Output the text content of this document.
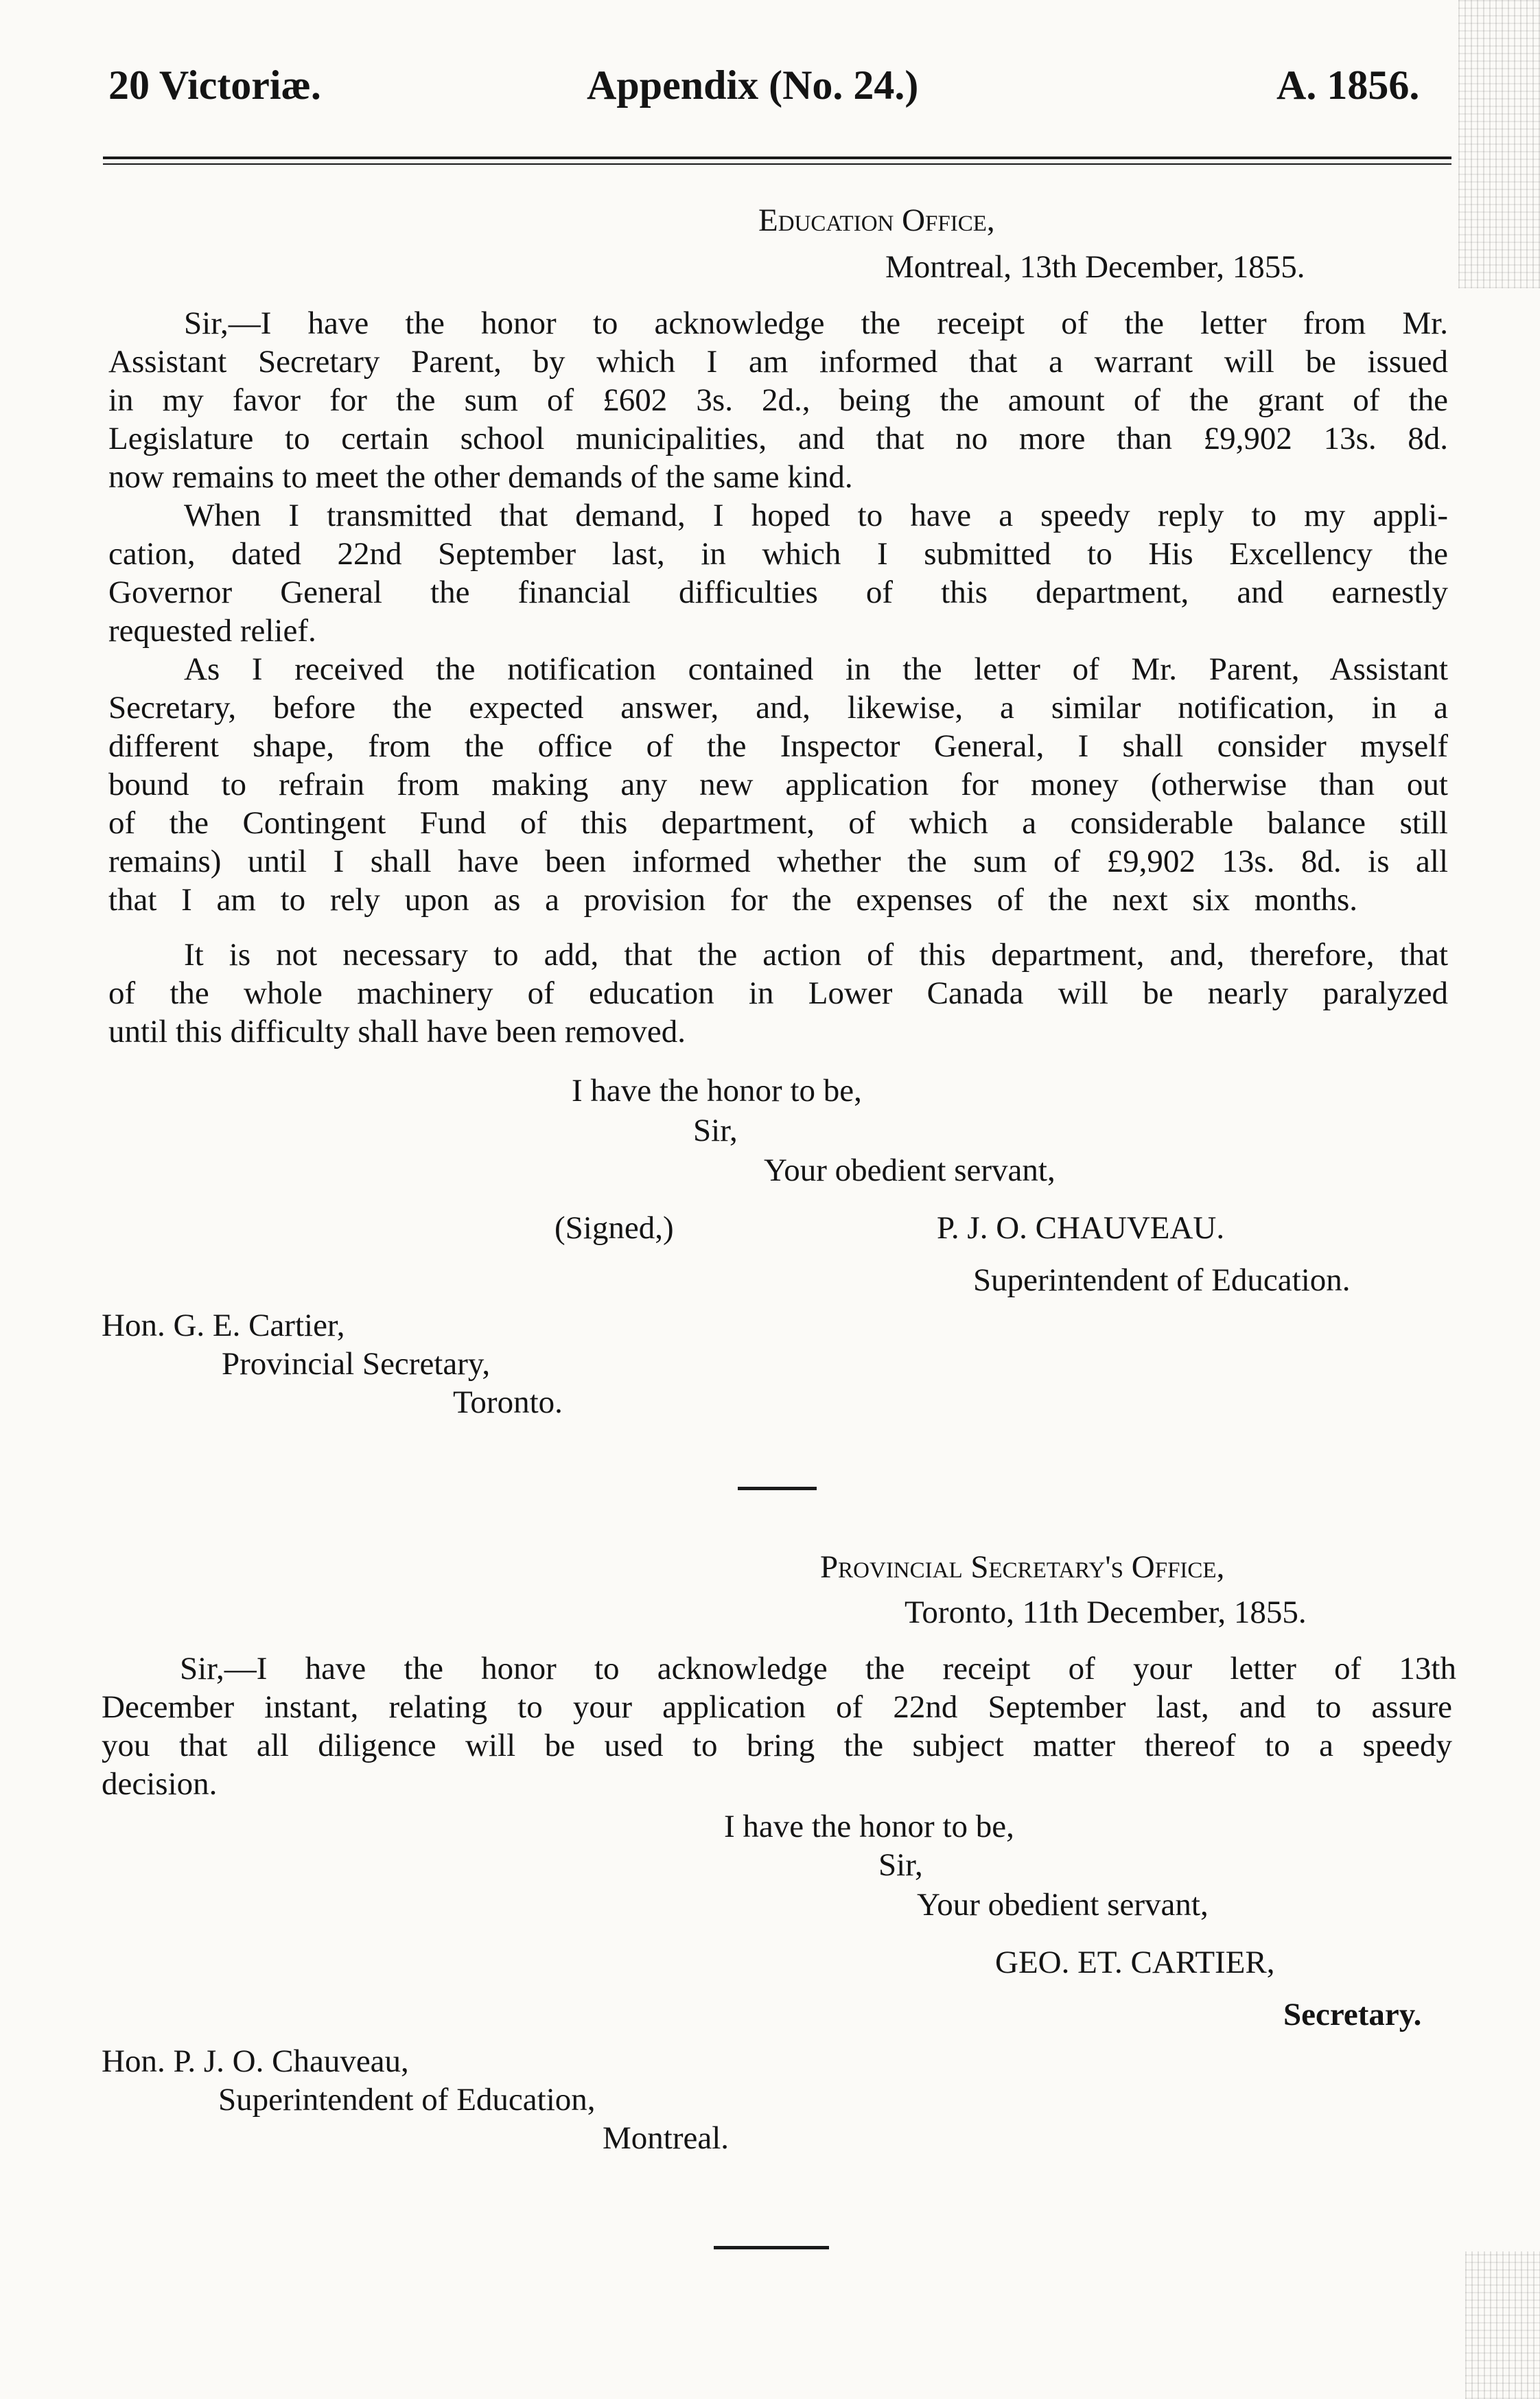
20 Victoriæ.	Appendix (No. 24.)	A. 1856.
Education Office,
Montreal, 13th December, 1855.
Sir,—I have the honor to acknowledge the receipt of the letter from Mr.
Assistant Secretary Parent, by which I am informed that a warrant will be issued
in my favor for the sum of £602 3s. 2d., being the amount of the grant of the
Legislature to certain school municipalities, and that no more than £9,902 13s. 8d.
now remains to meet the other demands of the same kind.
When I transmitted that demand, I hoped to have a speedy reply to my appli-
cation, dated 22nd September last, in which I submitted to His Excellency the
Governor General the financial difficulties of this department, and earnestly
requested relief.
As I received the notification contained in the letter of Mr. Parent, Assistant
Secretary, before the expected answer, and, likewise, a similar notification, in a
different shape, from the office of the Inspector General, I shall consider myself
bound to refrain from making any new application for money (otherwise than out
of the Contingent Fund of this department, of which a considerable balance still
remains) until I shall have been informed whether the sum of £9,902 13s. 8d. is all
that I am to rely upon as a provision for the expenses of the next six months.
It is not necessary to add, that the action of this department, and, therefore, that
of the whole machinery of education in Lower Canada will be nearly paralyzed
until this difficulty shall have been removed.
I have the honor to be,
Sir,
Your obedient servant,
(Signed,)	P. J. O. CHAUVEAU.
Superintendent of Education.
Hon. G. E. Cartier,
Provincial Secretary,
Toronto.
Provincial Secretary's Office,
Toronto, 11th December, 1855.
Sir,—I have the honor to acknowledge the receipt of your letter of 13th
December instant, relating to your application of 22nd September last, and to assure
you that all diligence will be used to bring the subject matter thereof to a speedy
decision.
I have the honor to be,
Sir,
Your obedient servant,
GEO. ET. CARTIER,
Secretary.
Hon. P. J. O. Chauveau,
Superintendent of Education,
Montreal.
